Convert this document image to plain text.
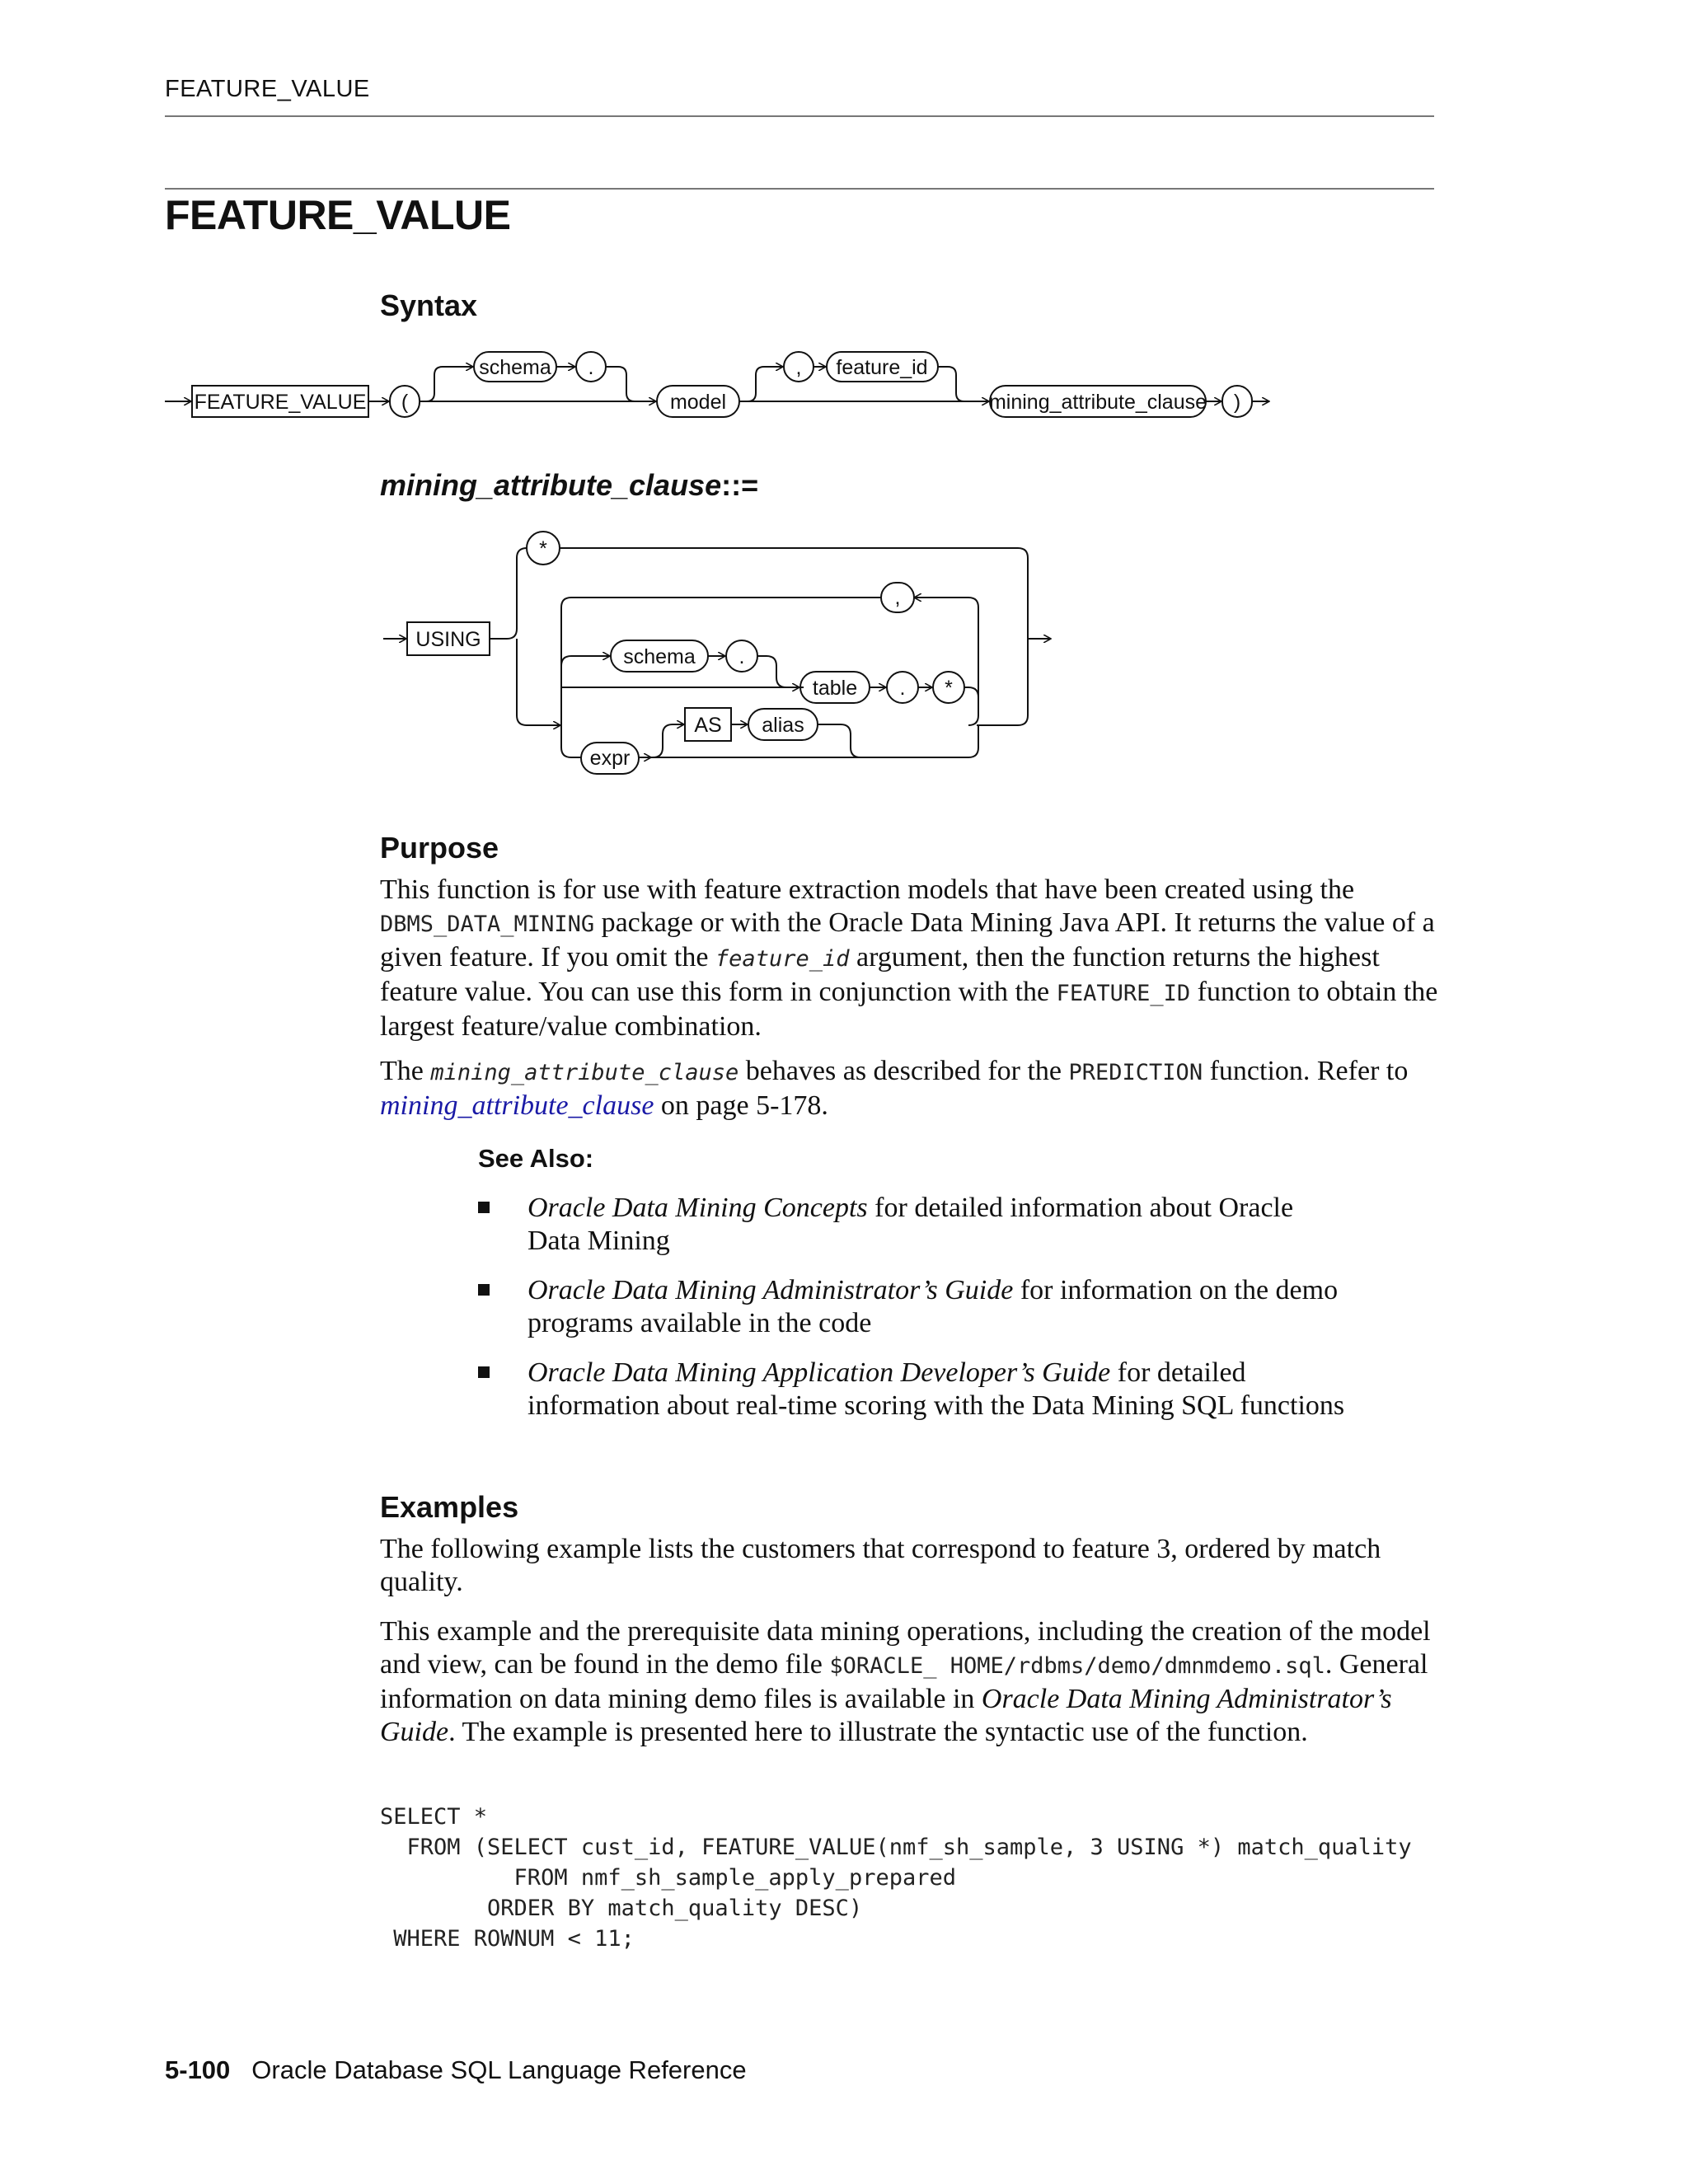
FEATURE_VALUE
FEATURE_VALUE
Syntax
FEATURE_VALUE (
schema .
model
, feature_id
mining_attribute_clause )
mining_attribute_clause::=
USING
*
,
schema .
table . *
AS alias
expr
Purpose
This function is for use with feature extraction models that have been created using the DBMS_DATA_MINING package or with the Oracle Data Mining Java API. It returns the value of a given feature. If you omit the feature_id argument, then the function returns the highest feature value. You can use this form in conjunction with the FEATURE_ID function to obtain the largest feature/value combination.
The mining_attribute_clause behaves as described for the PREDICTION function. Refer to mining_attribute_clause on page 5-178.
See Also:
Oracle Data Mining Concepts for detailed information about Oracle Data Mining
Oracle Data Mining Administrator’s Guide for information on the demo programs available in the code
Oracle Data Mining Application Developer’s Guide for detailed information about real-time scoring with the Data Mining SQL functions
Examples
The following example lists the customers that correspond to feature 3, ordered by match quality.
This example and the prerequisite data mining operations, including the creation of the model and view, can be found in the demo file $ORACLE_ HOME/rdbms/demo/dmnmdemo.sql. General information on data mining demo files is available in Oracle Data Mining Administrator’s Guide. The example is presented here to illustrate the syntactic use of the function.
SELECT *
FROM (SELECT cust_id, FEATURE_VALUE(nmf_sh_sample, 3 USING *) match_quality
FROM nmf_sh_sample_apply_prepared
ORDER BY match_quality DESC)
WHERE ROWNUM < 11;
5-100 Oracle Database SQL Language Reference
